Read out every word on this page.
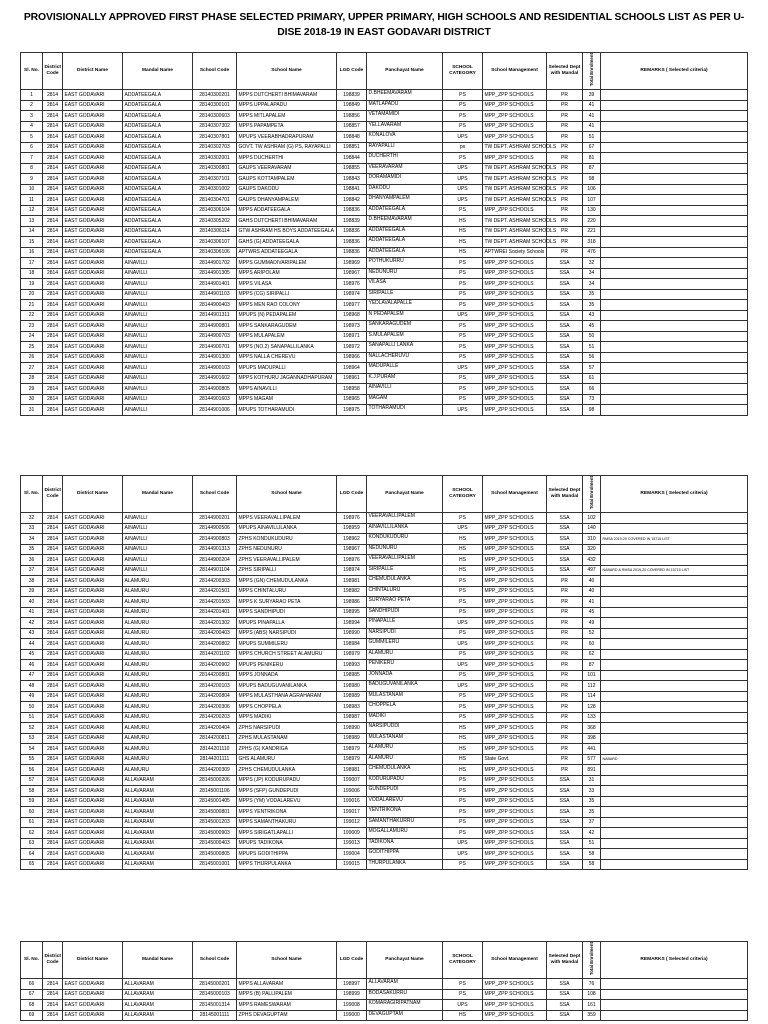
PROVISIONALLY APPROVED FIRST PHASE SELECTED PRIMARY, UPPER PRIMARY, HIGH SCHOOLS AND RESIDENTIAL SCHOOLS LIST AS PER U-DISE 2018-19 IN EAST GODAVARI DISTRICT
Sl. No.	District Code	District Name	Mandal Name	School Code	School Name	LGD Code	Panchayat Name	SCHOOL CATEGORY	School Management	Selected Dept with Mandal	Total Enrolment	REMARKS ( Selected criteria)
1	2814	EAST GODAVARI	ADDATEEGALA	28140300201	MPPS DUTCHERTI BHIMAVARAM	198839	D.BHEEMAVARAM	PS	MPP_ZPP SCHOOLS	PR	39	
2	2814	EAST GODAVARI	ADDATEEGALA	28140300101	MPPS UPPALAPADU	198849	MATLAPADU	PS	MPP_ZPP SCHOOLS	PR	41	
3	2814	EAST GODAVARI	ADDATEEGALA	28140300603	MPPS MITLAPALEM	198856	VETAMAMIDI	PS	MPP_ZPP SCHOOLS	PR	41	
4	2814	EAST GODAVARI	ADDATEEGALA	28140307302	MPPS PAPAMPETA	198857	YELLAVARAM	PS	MPP_ZPP SCHOOLS	PR	41	
5	2814	EAST GODAVARI	ADDATEEGALA	28140307801	MPUPS VEERABHADRAPURAM	198848	KONALOVA	UPS	MPP_ZPP SCHOOLS	PR	51	
6	2814	EAST GODAVARI	ADDATEEGALA	28140302703	GOVT. TW ASHRAM (G) PS, RAYAPALLI	198851	RAYAPALLI	ps	TW DEPT. ASHRAM SCHOOLS	PR	67	
7	2814	EAST GODAVARI	ADDATEEGALA	28140302001	MPPS DUCHERTHI	198844	DUCHERTHI	PS	MPP_ZPP SCHOOLS	PR	81	
8	2814	EAST GODAVARI	ADDATEEGALA	28140300801	GAUPS VEERAVARAM	198855	VEERAVARAM	UPS	TW DEPT. ASHRAM SCHOOLS	PR	87	
9	2814	EAST GODAVARI	ADDATEEGALA	28140307101	GAUPS KOTTAMPALEM	198843	DORAMAMIDI	UPS	TW DEPT. ASHRAM SCHOOLS	PR	98	
10	2814	EAST GODAVARI	ADDATEEGALA	28140301002	GAUPS DAKODU	198841	DAKODU	UPS	TW DEPT. ASHRAM SCHOOLS	PR	106	
11	2814	EAST GODAVARI	ADDATEEGALA	28140304701	GAUPS DHANYAMPALEM	198842	DHANYAMPALEM	UPS	TW DEPT. ASHRAM SCHOOLS	PR	107	
12	2814	EAST GODAVARI	ADDATEEGALA	28140306104	MPPS ADDATEEGALA	198836	ADDATEEGALA	PS	MPP_ZPP SCHOOLS	PR	130	
13	2814	EAST GODAVARI	ADDATEEGALA	28140305202	GAHS DUTCHERTI BHIMAVARAM	198839	D.BHEEMAVARAM	HS	TW DEPT. ASHRAM SCHOOLS	PR	220	
14	2814	EAST GODAVARI	ADDATEEGALA	28140306114	GTW ASHRAM HS BOYS ADDATEEGALA	198836	ADDATEEGALA	HS	TW DEPT. ASHRAM SCHOOLS	PR	221	
15	2814	EAST GODAVARI	ADDATEEGALA	28140306107	GAHS (G) ADDATEEGALA	198836	ADDATEEGALA	HS	TW DEPT. ASHRAM SCHOOLS	PR	318	
16	2814	EAST GODAVARI	ADDATEEGALA	28140306106	APTWRS ADDATEEGALA	198836	ADDATEEGALA	HS	APTWREI Society Schools	PR	476	
17	2814	EAST GODAVARI	AINAVILLI	28144901702	MPPS GUMMADIVARIPALEM	198969	POTHUKURRU	PS	MPP_ZPP SCHOOLS	SSA	32	
18	2814	EAST GODAVARI	AINAVILLI	28144901305	MPPS ARIPOLAM	198967	NEDUNURU	PS	MPP_ZPP SCHOOLS	SSA	34	
19	2814	EAST GODAVARI	AINAVILLI	28144901401	MPPS VILASA	198976	VILASA	PS	MPP_ZPP SCHOOLS	SSA	34	
20	2814	EAST GODAVARI	AINAVILLI	28144901103	MPPS (CG) SIRIPALLI	198974	SIRIPALLE	PS	MPP_ZPP SCHOOLS	SSA	35	
21	2814	EAST GODAVARI	AINAVILLI	28144900403	MPPS MEN RAO COLONY	198977	YEDLAVALAPALLE	PS	MPP_ZPP SCHOOLS	SSA	35	
22	2814	EAST GODAVARI	AINAVILLI	28144901311	MPUPS (N) PEDAPALEM	198968	N PEDAPALEM	UPS	MPP_ZPP SCHOOLS	SSA	43	
23	2814	EAST GODAVARI	AINAVILLI	28144900801	MPPS SANKARAGUDEM	198973	SANKARAGUDEM	PS	MPP_ZPP SCHOOLS	SSA	45	
24	2814	EAST GODAVARI	AINAVILLI	28144900703	MPPS MULAPALEM	198971	S.MULAPALEM	PS	MPP_ZPP SCHOOLS	SSA	50	
25	2814	EAST GODAVARI	AINAVILLI	28144900701	MPPS (NO.2) SANAPALLILANKA	198972	SANAPALLI LANKA	PS	MPP_ZPP SCHOOLS	SSA	51	
26	2814	EAST GODAVARI	AINAVILLI	28144901300	MPPS NALLA CHEREVU	198966	NALLACHERUVU	PS	MPP_ZPP SCHOOLS	SSA	56	
27	2814	EAST GODAVARI	AINAVILLI	28144900103	MPUPS MADUPALLI	198964	MADUPALLE	UPS	MPP_ZPP SCHOOLS	SSA	57	
28	2814	EAST GODAVARI	AINAVILLI	28144901602	MPPS KOTHURU JAGANNADHAPURAM	198961	K.J.PURAM	PS	MPP_ZPP SCHOOLS	SSA	61	
29	2814	EAST GODAVARI	AINAVILLI	28144900805	MPPS AINAVILLI	198958	AINAVILLI	PS	MPP_ZPP SCHOOLS	SSA	66	
30	2814	EAST GODAVARI	AINAVILLI	28144901603	MPPS MAGAM	198965	MAGAM	PS	MPP_ZPP SCHOOLS	SSA	73	
31	2814	EAST GODAVARI	AINAVILLI	28144901006	MPUPS TOTHARAMUDI	198975	TOTHARAMUDI	UPS	MPP_ZPP SCHOOLS	SSA	98	
Sl. No.	District Code	District Name	Mandal Name	School Code	School Name	LGD Code	Panchayat Name	SCHOOL CATEGORY	School Management	Selected Dept with Mandal	Total Enrolment	REMARKS ( Selected criteria)
32	2814	EAST GODAVARI	AINAVILLI	28144900201	MPPS VEERAVALLIPALEM	198976	VEERAVALLIPALEM	PS	MPP_ZPP SCHOOLS	SSA	102	
33	2814	EAST GODAVARI	AINAVILLI	28144900506	MPUPS AINAVILLILANKA	198959	AINAVILLILANKA	UPS	MPP_ZPP SCHOOLS	SSA	140	
34	2814	EAST GODAVARI	AINAVILLI	28144900803	ZPHS KONDUKUDURU	198962	KONDUKUDURU	HS	MPP_ZPP SCHOOLS	SSA	310	RMSA 2019-20 COVERED IN 15715 LIST
35	2814	EAST GODAVARI	AINAVILLI	28144901313	ZPHS NEDUNURU	198967	NEDUNURU	HS	MPP_ZPP SCHOOLS	SSA	320	
36	2814	EAST GODAVARI	AINAVILLI	28144900204	ZPHS VEERAVALLIPALEM	198976	VEERAVALLIPALEM	HS	MPP_ZPP SCHOOLS	SSA	432	
37	2814	EAST GODAVARI	AINAVILLI	28144901104	ZPHS SIRIPALLI	198974	SIRIPALLE	HS	MPP_ZPP SCHOOLS	SSA	497	NABARD & RMSA 2019-20 COVERED IN 15715 LIST
38	2814	EAST GODAVARI	ALAMURU	28144200303	MPPS (GN) CHEMUDULANKA	198981	CHEMUDULANKA	PS	MPP_ZPP SCHOOLS	PR	40	
39	2814	EAST GODAVARI	ALAMURU	28144201501	MPPS CHINTALURU	198982	CHINTALURU	PS	MPP_ZPP SCHOOLS	PR	40	
40	2814	EAST GODAVARI	ALAMURU	28144201503	MPPS K SURYARAO PETA	198986	SURYARAO PETA	PS	MPP_ZPP SCHOOLS	PR	41	
41	2814	EAST GODAVARI	ALAMURU	28144201401	MPPS SANDHIPUDI	198995	SANDHIPUDI	PS	MPP_ZPP SCHOOLS	PR	45	
42	2814	EAST GODAVARI	ALAMURU	28144201302	MPUPS PINAPALLA	198994	PINAPALLE	UPS	MPP_ZPP SCHOOLS	PR	49	
43	2814	EAST GODAVARI	ALAMURU	28144200403	MPPS (ABS) NARSIPUDI	198990	NARSIPUDI	PS	MPP_ZPP SCHOOLS	PR	52	
44	2814	EAST GODAVARI	ALAMURU	28144200802	MPUPS SUMMILERU	198984	GUMMILERU	UPS	MPP_ZPP SCHOOLS	PR	60	
45	2814	EAST GODAVARI	ALAMURU	28144201102	MPPS CHURCH STREET ALAMURU	198979	ALAMURU	PS	MPP_ZPP SCHOOLS	PR	62	
46	2814	EAST GODAVARI	ALAMURU	28144200902	MPUPS PENIKERU	198993	PENIKERU	UPS	MPP_ZPP SCHOOLS	PR	87	
47	2814	EAST GODAVARI	ALAMURU	28144200801	MPPS JONNADA	198985	JONNADA	PS	MPP_ZPP SCHOOLS	PR	101	
48	2814	EAST GODAVARI	ALAMURU	28144200103	MPUPS BADUGUVANILANKA	198980	BADUGUVANILANKA	UPS	MPP_ZPP SCHOOLS	PR	112	
49	2814	EAST GODAVARI	ALAMURU	28144200804	MPPS MULASTHANA AGRAHARAM	198989	MULASTANAM	PS	MPP_ZPP SCHOOLS	PR	114	
50	2814	EAST GODAVARI	ALAMURU	28144200306	MPPS CHOPPELA	198983	CHOPPELA	PS	MPP_ZPP SCHOOLS	PR	128	
51	2814	EAST GODAVARI	ALAMURU	28144200203	MPPS MADIKI	198987	MADIKI	PS	MPP_ZPP SCHOOLS	PR	133	
52	2814	EAST GODAVARI	ALAMURU	28144200404	ZPHS NARSIPUDI	198990	NARSIPUDDI	HS	MPP_ZPP SCHOOLS	PR	368	
53	2814	EAST GODAVARI	ALAMURU	28144200811	ZPHS MULASTANAM	198989	MULASTANAM	HS	MPP_ZPP SCHOOLS	PR	398	
54	2814	EAST GODAVARI	ALAMURU	28144201110	ZPHS (G) KANDRIGA	198979	ALAMURU	HS	MPP_ZPP SCHOOLS	PR	441	
55	2814	EAST GODAVARI	ALAMURU	28144201111	GHS ALAMURU	198979	ALAMURU	HS	State Govt.	PR	577	NABARD
56	2814	EAST GODAVARI	ALAMURU	28144200309	ZPHS CHEMUDULANKA	198981	CHEMUDULANKA	HS	MPP_ZPP SCHOOLS	PR	891	
57	2814	EAST GODAVARI	ALLAVARAM	28145000206	MPPS (JP) KODURUPADU	199007	KODURUPADU	PS	MPP_ZPP SCHOOLS	SSA	31	
58	2814	EAST GODAVARI	ALLAVARAM	28145001106	MPPS (SFP) GUNDEPUDI	199006	GUNDEPUDI	PS	MPP_ZPP SCHOOLS	SSA	33	
59	2814	EAST GODAVARI	ALLAVARAM	28145001405	MPPS (YM) VODALAREVU	199016	VODALAREVU	PS	MPP_ZPP SCHOOLS	SSA	35	
60	2814	EAST GODAVARI	ALLAVARAM	28145000801	MPPS YENTRIKONA	199017	YENTRIKONA	PS	MPP_ZPP SCHOOLS	SSA	35	
61	2814	EAST GODAVARI	ALLAVARAM	28145001203	MPPS SAMANTHAKURU	199012	SAMANTHAKURRU	PS	MPP_ZPP SCHOOLS	SSA	37	
62	2814	EAST GODAVARI	ALLAVARAM	28145000903	MPPS SIRIGATLAPALLI	199009	MOGALLAMURU	PS	MPP_ZPP SCHOOLS	SSA	42	
63	2814	EAST GODAVARI	ALLAVARAM	28145000403	MPUPS TADIKONA	199013	TADIKONA	UPS	MPP_ZPP SCHOOLS	SSA	51	
64	2814	EAST GODAVARI	ALLAVARAM	28145000805	MPUPS GODITHIPPA	199004	GODITHIPPA	UPS	MPP_ZPP SCHOOLS	SSA	58	
65	2814	EAST GODAVARI	ALLAVARAM	28145001001	MPPS THURPULANKA	199015	THURPULANKA	PS	MPP_ZPP SCHOOLS	SSA	58	
Sl. No.	District Code	District Name	Mandal Name	School Code	School Name	LGD Code	Panchayat Name	SCHOOL CATEGORY	School Management	Selected Dept with Mandal	Total Enrolment	REMARKS ( Selected criteria)
66	2814	EAST GODAVARI	ALLAVARAM	28145000201	MPPS ALLAVARAM	198997	ALLAVARAM	PS	MPP_ZPP SCHOOLS	SSA	76	
67	2814	EAST GODAVARI	ALLAVARAM	28145000103	MPPS (B) PALLIPALEM	198999	BODASAKURRU	PS	MPP_ZPP SCHOOLS	SSA	108	
68	2814	EAST GODAVARI	ALLAVARAM	28145001314	MPPS RAMESWARAM	199008	KOMARAGIRIPATNAM	UPS	MPP_ZPP SCHOOLS	SSA	161	
69	2814	EAST GODAVARI	ALLAVARAM	28145001111	ZPHS DEVAGUPTAM	199000	DEVAGUPTAM	HS	MPP_ZPP SCHOOLS	SSA	359	
